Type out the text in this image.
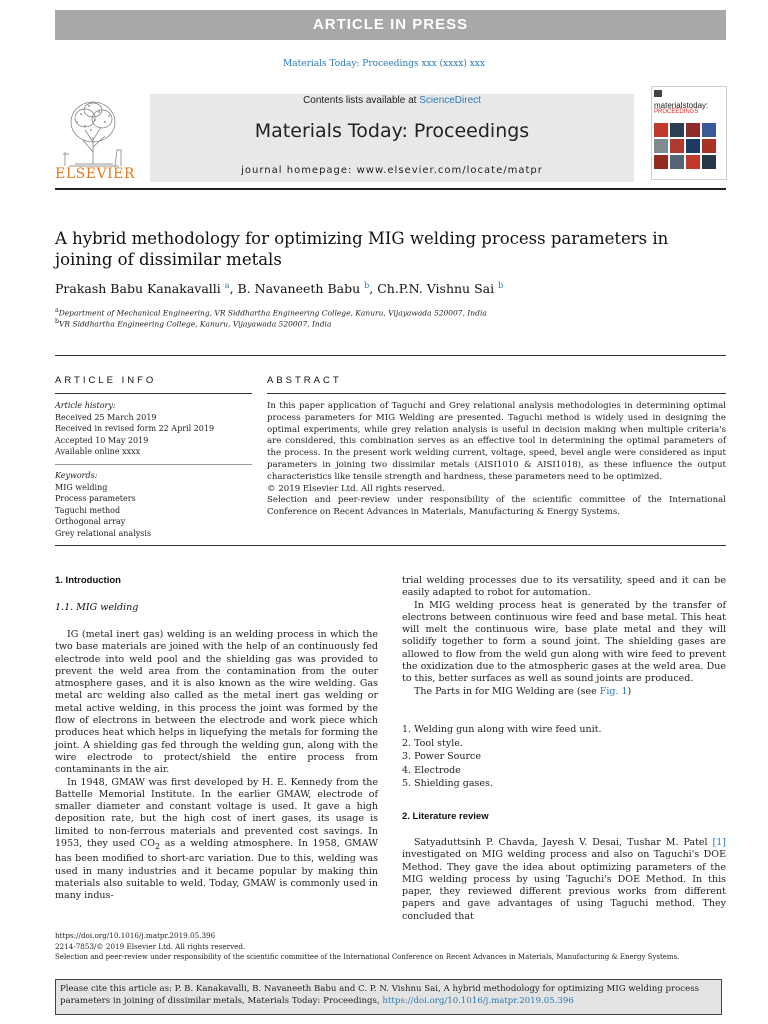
ARTICLE IN PRESS
Materials Today: Proceedings xxx (xxxx) xxx
Contents lists available at ScienceDirect
Materials Today: Proceedings
journal homepage: www.elsevier.com/locate/matpr
ELSEVIER
materialstoday:
PROCEEDINGS
A hybrid methodology for optimizing MIG welding process parameters in joining of dissimilar metals
Prakash Babu Kanakavalli $^a$, B. Navaneeth Babu $^b$, Ch.P.N. Vishnu Sai $^b$
$^a$Department of Mechanical Engineering, VR Siddhartha Engineering College, Kanuru, Vijayawada 520007, India
$^b$VR Siddhartha Engineering College, Kanuru, Vijayawada 520007, India
ARTICLE INFO
Article history:
Received 25 March 2019
Received in revised form 22 April 2019
Accepted 10 May 2019
Available online xxxx
Keywords:
MIG welding
Process parameters
Taguchi method
Orthogonal array
Grey relational analysis
ABSTRACT
In this paper application of Taguchi and Grey relational analysis methodologies in determining optimal process parameters for MIG Welding are presented. Taguchi method is widely used in designing the optimal experiments, while grey relation analysis is useful in decision making when multiple criteria's are considered, this combination serves as an effective tool in determining the optimal parameters of the process. In the present work welding current, voltage, speed, bevel angle were considered as input parameters in joining two dissimilar metals (AISI1010 & AISI1018), as these influence the output characteristics like tensile strength and hardness, these parameters need to be optimized.
© 2019 Elsevier Ltd. All rights reserved.
Selection and peer-review under responsibility of the scientific committee of the International Conference on Recent Advances in Materials, Manufacturing & Energy Systems.
1. Introduction
1.1. MIG welding

IG (metal inert gas) welding is an welding process in which the two base materials are joined with the help of an continuously fed electrode into weld pool and the shielding gas was provided to prevent the weld area from the contamination from the outer atmosphere gases, and it is also known as the wire welding. Gas metal arc welding also called as the metal inert gas welding or metal active welding, in this process the joint was formed by the flow of electrons in between the electrode and work piece which produces heat which helps in liquefying the metals for forming the joint. A shielding gas fed through the welding gun, along with the wire electrode to protect/shield the entire process from contaminants in the air.

In 1948, GMAW was first developed by H. E. Kennedy from the Battelle Memorial Institute. In the earlier GMAW, electrode of smaller diameter and constant voltage is used. It gave a high deposition rate, but the high cost of inert gases, its usage is limited to non-ferrous materials and prevented cost savings. In 1953, they used $CO_2$ as a welding atmosphere. In 1958, GMAW has been modified to short-arc variation. Due to this, welding was used in many industries and it became popular by making thin materials also suitable to weld. Today, GMAW is commonly used in many indus-

trial welding processes due to its versatility, speed and it can be easily adapted to robot for automation.

In MIG welding process heat is generated by the transfer of electrons between continuous wire feed and base metal. This heat will melt the continuous wire, base plate metal and they will solidify together to form a sound joint. The shielding gases are allowed to flow from the weld gun along with wire feed to prevent the oxidization due to the atmospheric gases at the weld area. Due to this, better surfaces as well as sound joints are produced.

The Parts in for MIG Welding are (see Fig. 1)

1. Welding gun along with wire feed unit.
2. Tool style.
3. Power Source
4. Electrode
5. Shielding gases.
2. Literature review

Satyaduttsinh P. Chavda, Jayesh V. Desai, Tushar M. Patel [1] investigated on MIG welding process and also on Taguchi's DOE Method. They gave the idea about optimizing parameters of the MIG welding process by using Taguchi's DOE Method. In this paper, they reviewed different previous works from different papers and gave advantages of using Taguchi method. They concluded that

https://doi.org/10.1016/j.matpr.2019.05.396
2214-7853/© 2019 Elsevier Ltd. All rights reserved.
Selection and peer-review under responsibility of the scientific committee of the International Conference on Recent Advances in Materials, Manufacturing & Energy Systems.
Please cite this article as: P. B. Kanakavalli, B. Navaneeth Babu and C. P. N. Vishnu Sai, A hybrid methodology for optimizing MIG welding process parameters in joining of dissimilar metals, Materials Today: Proceedings, https://doi.org/10.1016/j.matpr.2019.05.396
